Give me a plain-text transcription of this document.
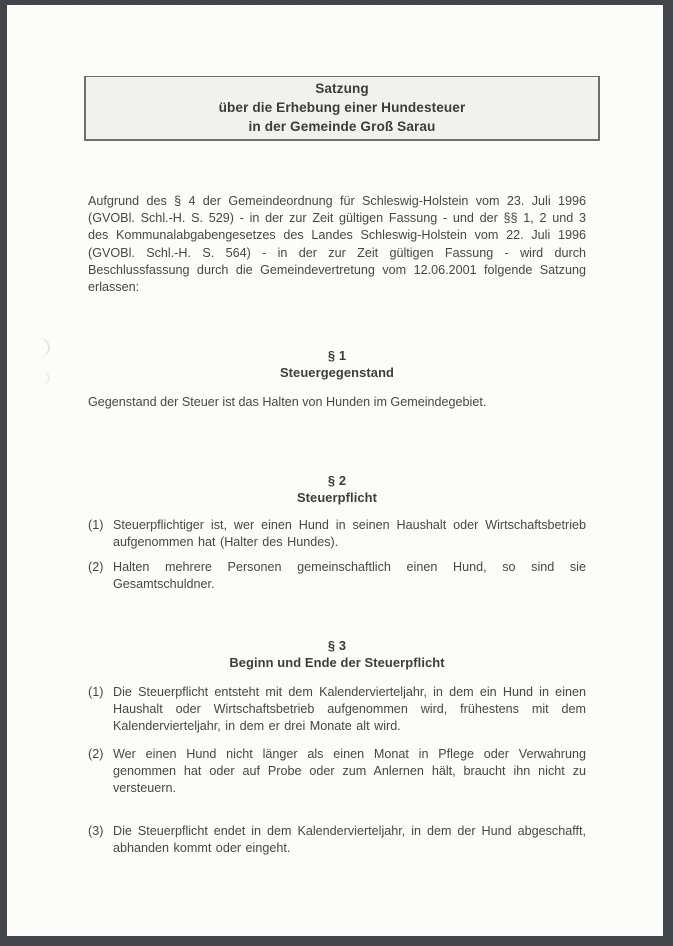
Satzung
über die Erhebung einer Hundesteuer
in der Gemeinde Groß Sarau

Aufgrund des § 4 der Gemeindeordnung für Schleswig-Holstein vom 23. Juli 1996 (GVOBl. Schl.-H. S. 529) - in der zur Zeit gültigen Fassung - und der §§ 1, 2 und 3 des Kommunalabgabengesetzes des Landes Schleswig-Holstein vom 22. Juli 1996 (GVOBl. Schl.-H. S. 564) - in der zur Zeit gültigen Fassung - wird durch Beschlussfassung durch die Gemeindevertretung vom 12.06.2001 folgende Satzung erlassen:

§ 1
Steuergegenstand

Gegenstand der Steuer ist das Halten von Hunden im Gemeindegebiet.

§ 2
Steuerpflicht
(1) Steuerpflichtiger ist, wer einen Hund in seinen Haushalt oder Wirtschaftsbetrieb aufgenommen hat (Halter des Hundes).
(2) Halten mehrere Personen gemeinschaftlich einen Hund, so sind sie Gesamtschuldner.
§ 3
Beginn und Ende der Steuerpflicht
(1) Die Steuerpflicht entsteht mit dem Kalendervierteljahr, in dem ein Hund in einen Haushalt oder Wirtschaftsbetrieb aufgenommen wird, frühestens mit dem Kalendervierteljahr, in dem er drei Monate alt wird.
(2) Wer einen Hund nicht länger als einen Monat in Pflege oder Verwahrung genommen hat oder auf Probe oder zum Anlernen hält, braucht ihn nicht zu versteuern.
(3) Die Steuerpflicht endet in dem Kalendervierteljahr, in dem der Hund abgeschafft, abhanden kommt oder eingeht.
